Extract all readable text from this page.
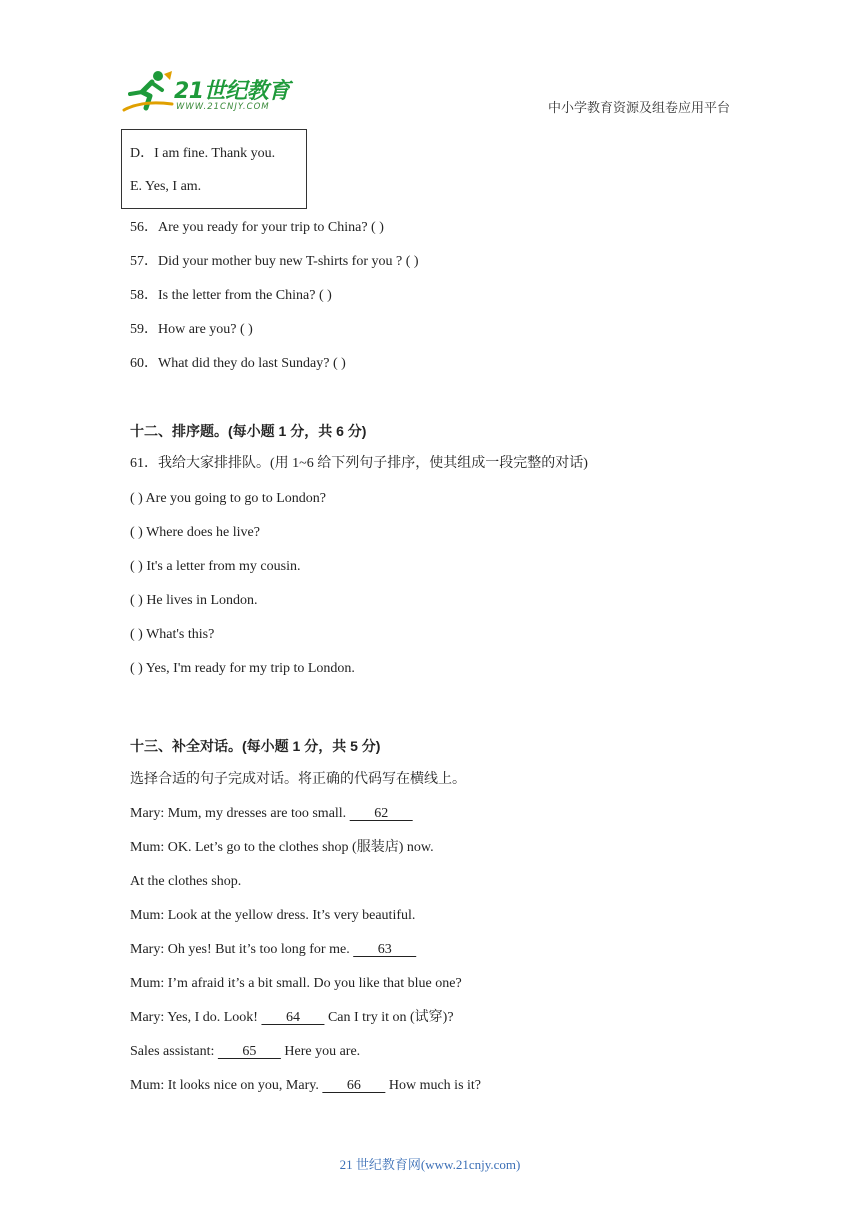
21世纪教育
WWW.21CNJY.COM	中小学教育资源及组卷应用平台
D．I am fine. Thank you.
E. Yes, I am.
56．Are you ready for your trip to China? ( )
57．Did your mother buy new T-shirts for you ? ( )
58．Is the letter from the China? ( )
59．How are you? ( )
60．What did they do last Sunday? ( )
十二、排序题。(每小题 1 分，共 6 分)
61．我给大家排排队。(用 1~6 给下列句子排序，使其组成一段完整的对话)
( ) Are you going to go to London?
( ) Where does he live?
( ) It's a letter from my cousin.
( ) He lives in London.
( ) What's this?
( ) Yes, I'm ready for my trip to London.
十三、补全对话。(每小题 1 分，共 5 分)
选择合适的句子完成对话。将正确的代码写在横线上。
Mary: Mum, my dresses are too small.        62
Mum: OK. Let’s go to the clothes shop (服装店) now.
At the clothes shop.
Mum: Look at the yellow dress. It’s very beautiful.
Mary: Oh yes! But it’s too long for me.        63
Mum: I’m afraid it’s a bit small. Do you like that blue one?
Mary: Yes, I do. Look!        64        Can I try it on (试穿)?
Sales assistant:        65        Here you are.
Mum: It looks nice on you, Mary.        66        How much is it?
21 世纪教育网(www.21cnjy.com)
